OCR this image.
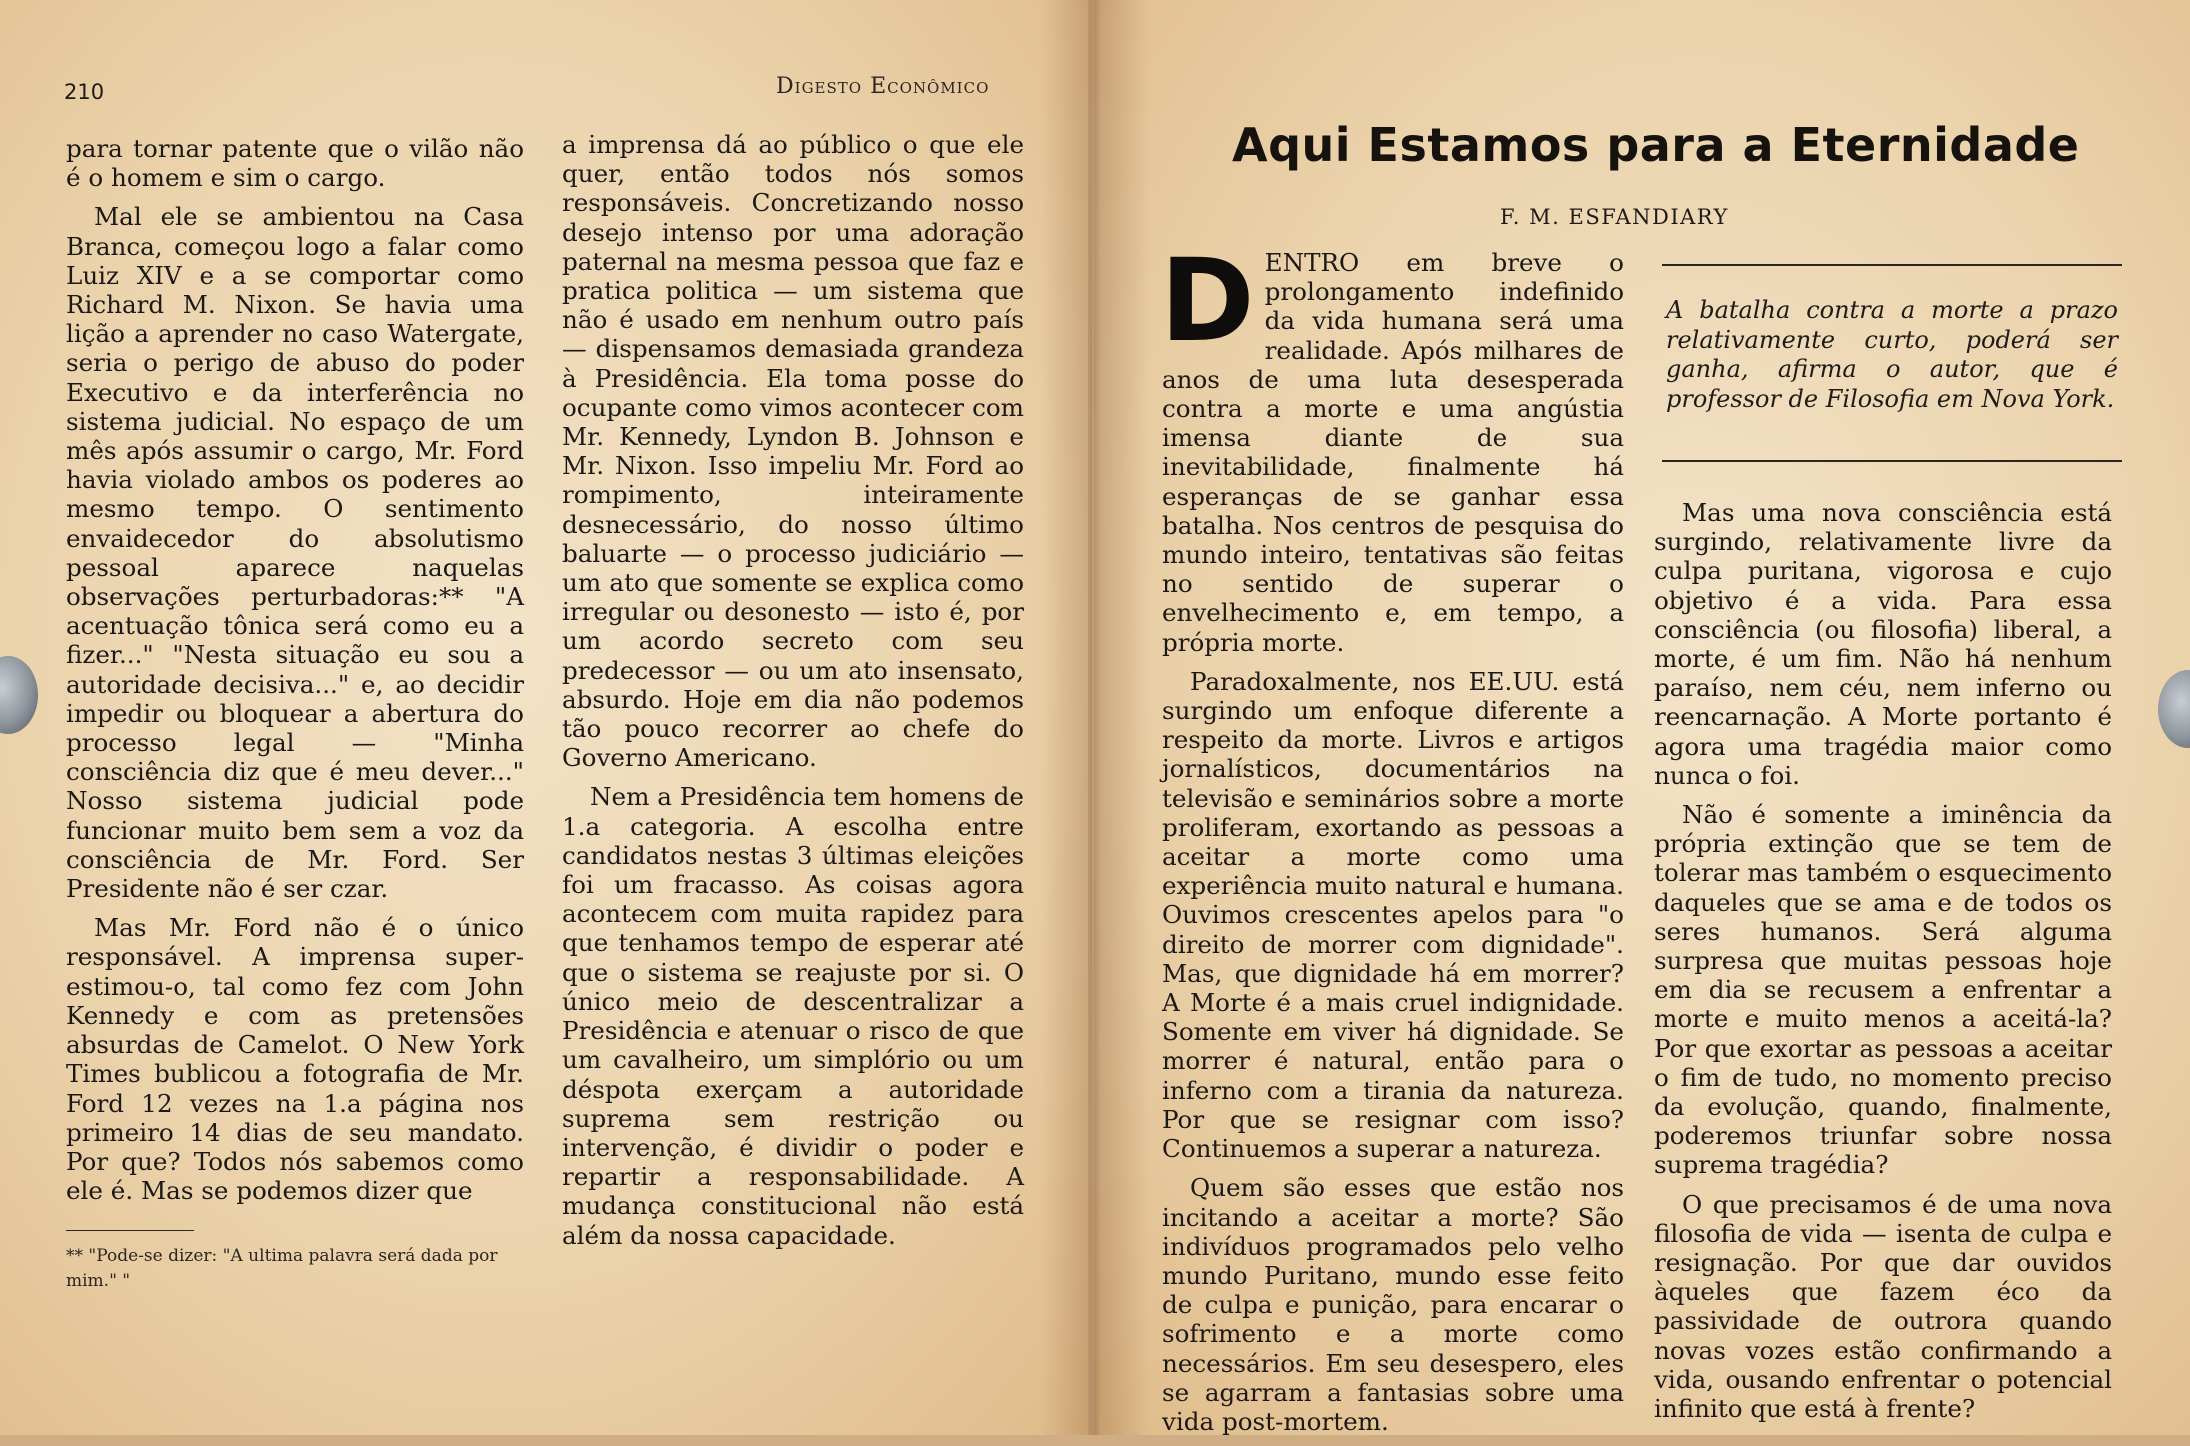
210	Digesto Econômico

para tornar patente que o vilão não é o homem e sim o cargo.

Mal ele se ambientou na Casa Branca, começou logo a falar como Luiz XIV e a se comportar como Richard M. Nixon. Se havia uma lição a aprender no caso Watergate, seria o perigo de abuso do poder Executivo e da interferência no sistema judicial. No espaço de um mês após assumir o cargo, Mr. Ford havia violado ambos os poderes ao mesmo tempo. O sentimento envaidecedor do absolutismo pessoal aparece naquelas observações perturbadoras:** "A acentuação tônica será como eu a fizer..." "Nesta situação eu sou a autoridade decisiva..." e, ao decidir impedir ou bloquear a abertura do processo legal — "Minha consciência diz que é meu dever..." Nosso sistema judicial pode funcionar muito bem sem a voz da consciência de Mr. Ford. Ser Presidente não é ser czar.

Mas Mr. Ford não é o único responsável. A imprensa super-estimou-o, tal como fez com John Kennedy e com as pretensões absurdas de Camelot. O New York Times bublicou a fotografia de Mr. Ford 12 vezes na 1.a página nos primeiro 14 dias de seu mandato. Por que? Todos nós sabemos como ele é. Mas se podemos dizer que

a imprensa dá ao público o que ele quer, então todos nós somos responsáveis. Concretizando nosso desejo intenso por uma adoração paternal na mesma pessoa que faz e pratica politica — um sistema que não é usado em nenhum outro país — dispensamos demasiada grandeza à Presidência. Ela toma posse do ocupante como vimos acontecer com Mr. Kennedy, Lyndon B. Johnson e Mr. Nixon. Isso impeliu Mr. Ford ao rompimento, inteiramente desnecessário, do nosso último baluarte — o processo judiciário — um ato que somente se explica como irregular ou desonesto — isto é, por um acordo secreto com seu predecessor — ou um ato insensato, absurdo. Hoje em dia não podemos tão pouco recorrer ao chefe do Governo Americano.

Nem a Presidência tem homens de 1.a categoria. A escolha entre candidatos nestas 3 últimas eleições foi um fracasso. As coisas agora acontecem com muita rapidez para que tenhamos tempo de esperar até que o sistema se reajuste por si. O único meio de descentralizar a Presidência e atenuar o risco de que um cavalheiro, um simplório ou um déspota exerçam a autoridade suprema sem restrição ou intervenção, é dividir o poder e repartir a responsabilidade. A mudança constitucional não está além da nossa capacidade.

** "Pode-se dizer: "A ultima palavra será dada por mim." "
Aqui Estamos para a Eternidade
F. M. ESFANDIARY

DENTRO em breve o prolongamento indefinido da vida humana será uma realidade. Após milhares de anos de uma luta desesperada contra a morte e uma angústia imensa diante de sua inevitabilidade, finalmente há esperanças de se ganhar essa batalha. Nos centros de pesquisa do mundo inteiro, tentativas são feitas no sentido de superar o envelhecimento e, em tempo, a própria morte.

Paradoxalmente, nos EE.UU. está surgindo um enfoque diferente a respeito da morte. Livros e artigos jornalísticos, documentários na televisão e seminários sobre a morte proliferam, exortando as pessoas a aceitar a morte como uma experiência muito natural e humana. Ouvimos crescentes apelos para "o direito de morrer com dignidade". Mas, que dignidade há em morrer? A Morte é a mais cruel indignidade. Somente em viver há dignidade. Se morrer é natural, então para o inferno com a tirania da natureza. Por que se resignar com isso? Continuemos a superar a natureza.

Quem são esses que estão nos incitando a aceitar a morte? São indivíduos programados pelo velho mundo Puritano, mundo esse feito de culpa e punição, para encarar o sofrimento e a morte como necessários. Em seu desespero, eles se agarram a fantasias sobre uma vida post-mortem.

A batalha contra a morte a prazo relativamente curto, poderá ser ganha, afirma o autor, que é professor de Filosofia em Nova York.

Mas uma nova consciência está surgindo, relativamente livre da culpa puritana, vigorosa e cujo objetivo é a vida. Para essa consciência (ou filosofia) liberal, a morte, é um fim. Não há nenhum paraíso, nem céu, nem inferno ou reencarnação. A Morte portanto é agora uma tragédia maior como nunca o foi.

Não é somente a iminência da própria extinção que se tem de tolerar mas também o esquecimento daqueles que se ama e de todos os seres humanos. Será alguma surpresa que muitas pessoas hoje em dia se recusem a enfrentar a morte e muito menos a aceitá-la? Por que exortar as pessoas a aceitar o fim de tudo, no momento preciso da evolução, quando, finalmente, poderemos triunfar sobre nossa suprema tragédia?

O que precisamos é de uma nova filosofia de vida — isenta de culpa e resignação. Por que dar ouvidos àqueles que fazem éco da passividade de outrora quando novas vozes estão confirmando a vida, ousando enfrentar o potencial infinito que está à frente?
